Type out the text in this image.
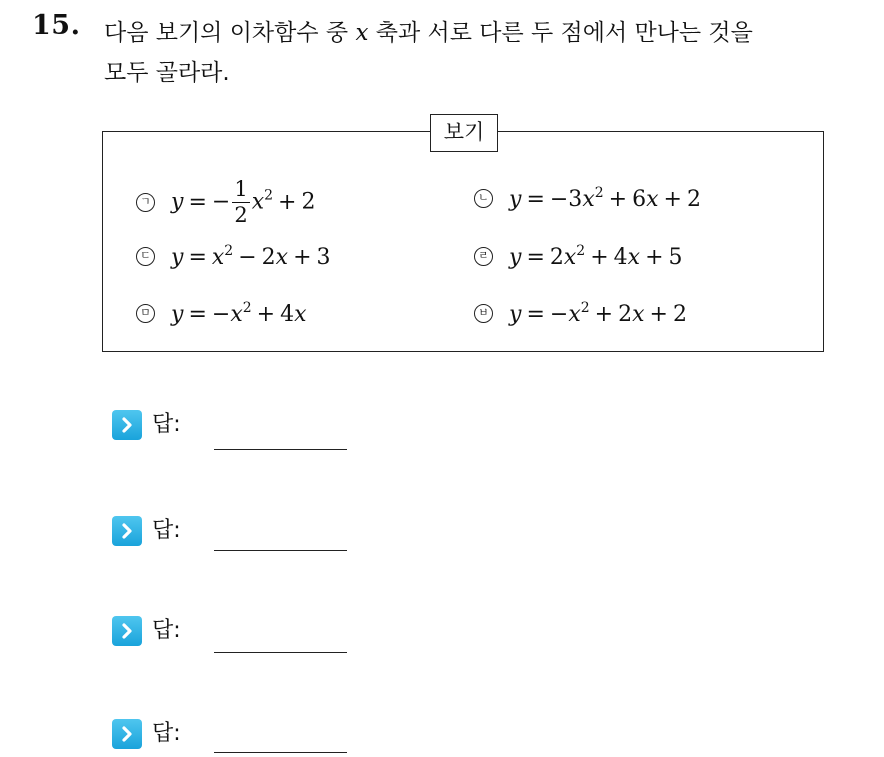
15. 다음 보기의 이차함수 중 x 축과 서로 다른 두 점에서 만나는 것을
모두 골라라.
보기
ㄱ y = − $\frac{1}{2} x^2 + 2$	ㄴ $y = -3x^2 + 6x + 2$
ㄷ $y = x^2 - 2x + 3$	ㄹ $y = 2x^2 + 4x + 5$
ㅁ $y = -x^2 + 4x$	ㅂ $y = -x^2 + 2x + 2$
답:
답:
답:
답:
